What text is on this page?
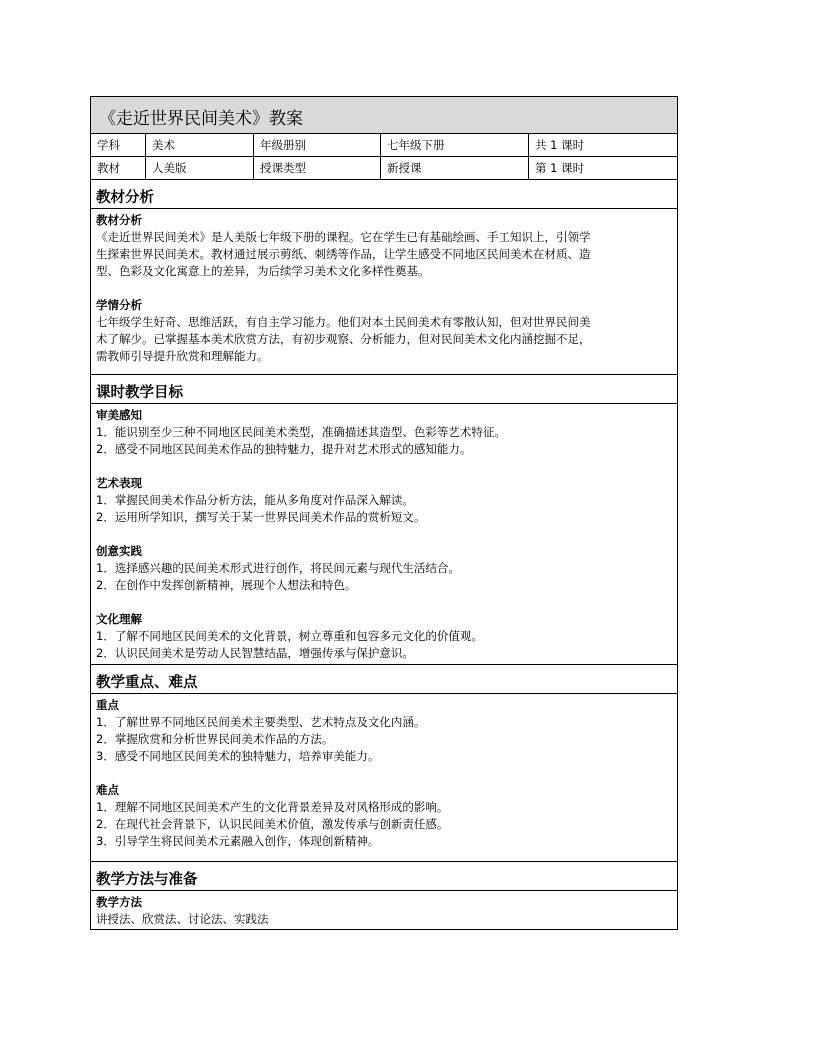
《走近世界民间美术》教案
学科	美术	年级册别	七年级下册	共 1 课时
教材	人美版	授课类型	新授课	第 1 课时
教材分析
教材分析
《走近世界民间美术》是人美版七年级下册的课程。它在学生已有基础绘画、手工知识上，引领学
生探索世界民间美术。教材通过展示剪纸、刺绣等作品，让学生感受不同地区民间美术在材质、造
型、色彩及文化寓意上的差异，为后续学习美术文化多样性奠基。
学情分析
七年级学生好奇、思维活跃，有自主学习能力。他们对本土民间美术有零散认知，但对世界民间美
术了解少。已掌握基本美术欣赏方法，有初步观察、分析能力，但对民间美术文化内涵挖掘不足，
需教师引导提升欣赏和理解能力。
课时教学目标
审美感知
1．能识别至少三种不同地区民间美术类型，准确描述其造型、色彩等艺术特征。
2．感受不同地区民间美术作品的独特魅力，提升对艺术形式的感知能力。
艺术表现
1．掌握民间美术作品分析方法，能从多角度对作品深入解读。
2．运用所学知识，撰写关于某一世界民间美术作品的赏析短文。
创意实践
1．选择感兴趣的民间美术形式进行创作，将民间元素与现代生活结合。
2．在创作中发挥创新精神，展现个人想法和特色。
文化理解
1．了解不同地区民间美术的文化背景，树立尊重和包容多元文化的价值观。
2．认识民间美术是劳动人民智慧结晶，增强传承与保护意识。
教学重点、难点
重点
1．了解世界不同地区民间美术主要类型、艺术特点及文化内涵。
2．掌握欣赏和分析世界民间美术作品的方法。
3．感受不同地区民间美术的独特魅力，培养审美能力。
难点
1．理解不同地区民间美术产生的文化背景差异及对风格形成的影响。
2．在现代社会背景下，认识民间美术价值，激发传承与创新责任感。
3．引导学生将民间美术元素融入创作，体现创新精神。
教学方法与准备
教学方法
讲授法、欣赏法、讨论法、实践法
